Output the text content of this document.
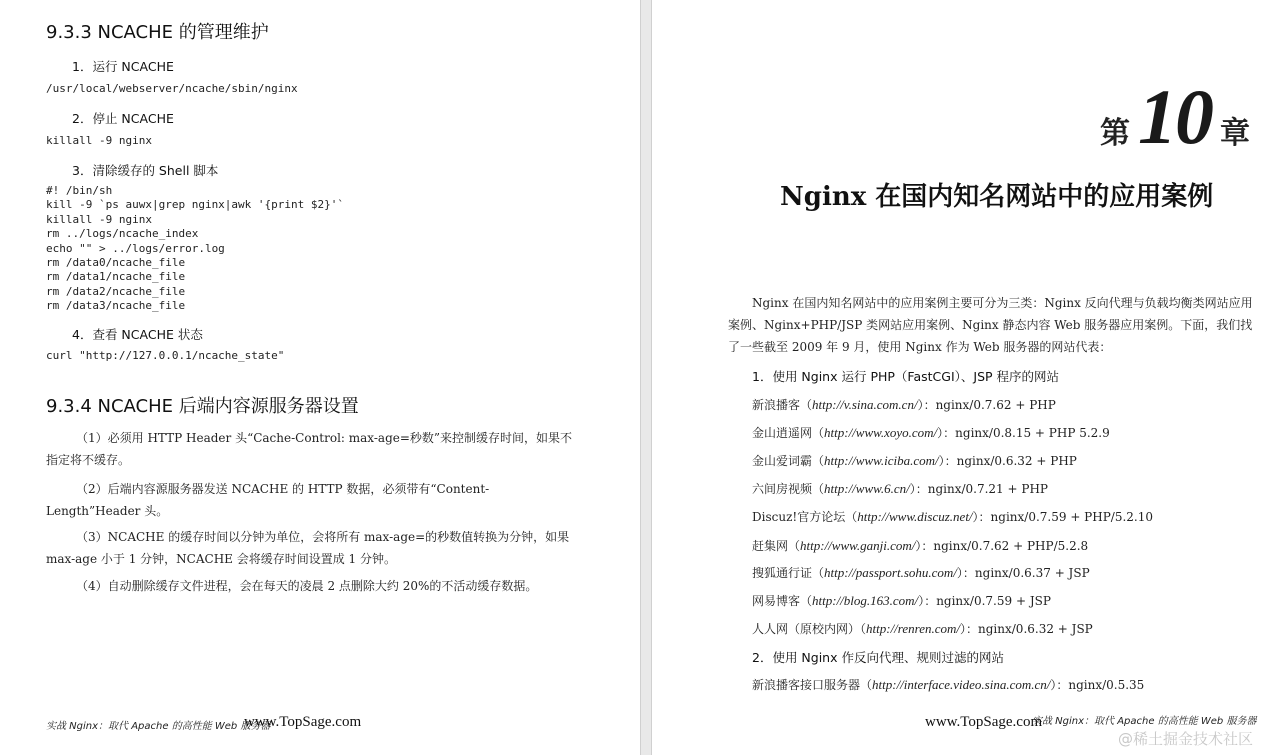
9.3.3 NCACHE 的管理维护
1．运行 NCACHE
/usr/local/webserver/ncache/sbin/nginx
2．停止 NCACHE
killall -9 nginx
3．清除缓存的 Shell 脚本
#! /bin/sh
kill -9 `ps auwx|grep nginx|awk '{print $2}'`
killall -9 nginx
rm ../logs/ncache_index
echo "" > ../logs/error.log
rm /data0/ncache_file
rm /data1/ncache_file
rm /data2/ncache_file
rm /data3/ncache_file
4．查看 NCACHE 状态
curl "http://127.0.0.1/ncache_state"
9.3.4 NCACHE 后端内容源服务器设置
（1）必须用 HTTP Header 头“Cache-Control: max-age=秒数”来控制缓存时间，如果不指定将不缓存。
（2）后端内容源服务器发送 NCACHE 的 HTTP 数据，必须带有“Content-Length”Header 头。
（3）NCACHE 的缓存时间以分钟为单位，会将所有 max-age=的秒数值转换为分钟，如果 max-age 小于 1 分钟，NCACHE 会将缓存时间设置成 1 分钟。
（4）自动删除缓存文件进程，会在每天的凌晨 2 点删除大约 20%的不活动缓存数据。
实战 Nginx：取代 Apache 的高性能 Web 服务器
www.TopSage.com
第 10 章
Nginx 在国内知名网站中的应用案例
Nginx 在国内知名网站中的应用案例主要可分为三类：Nginx 反向代理与负载均衡类网站应用案例、Nginx+PHP/JSP 类网站应用案例、Nginx 静态内容 Web 服务器应用案例。下面，我们找了一些截至 2009 年 9 月，使用 Nginx 作为 Web 服务器的网站代表：
1．使用 Nginx 运行 PHP（FastCGI）、JSP 程序的网站
新浪播客（http://v.sina.com.cn/）：nginx/0.7.62 + PHP
金山逍遥网（http://www.xoyo.com/）：nginx/0.8.15 + PHP 5.2.9
金山爱词霸（http://www.iciba.com/）：nginx/0.6.32 + PHP
六间房视频（http://www.6.cn/）：nginx/0.7.21 + PHP
Discuz!官方论坛（http://www.discuz.net/）：nginx/0.7.59 + PHP/5.2.10
赶集网（http://www.ganji.com/）：nginx/0.7.62 + PHP/5.2.8
搜狐通行证（http://passport.sohu.com/）：nginx/0.6.37 + JSP
网易博客（http://blog.163.com/）：nginx/0.7.59 + JSP
人人网（原校内网）（http://renren.com/）：nginx/0.6.32 + JSP
2．使用 Nginx 作反向代理、规则过滤的网站
新浪播客接口服务器（http://interface.video.sina.com.cn/）：nginx/0.5.35
www.TopSage.com
实战 Nginx：取代 Apache 的高性能 Web 服务器
@稀土掘金技术社区
